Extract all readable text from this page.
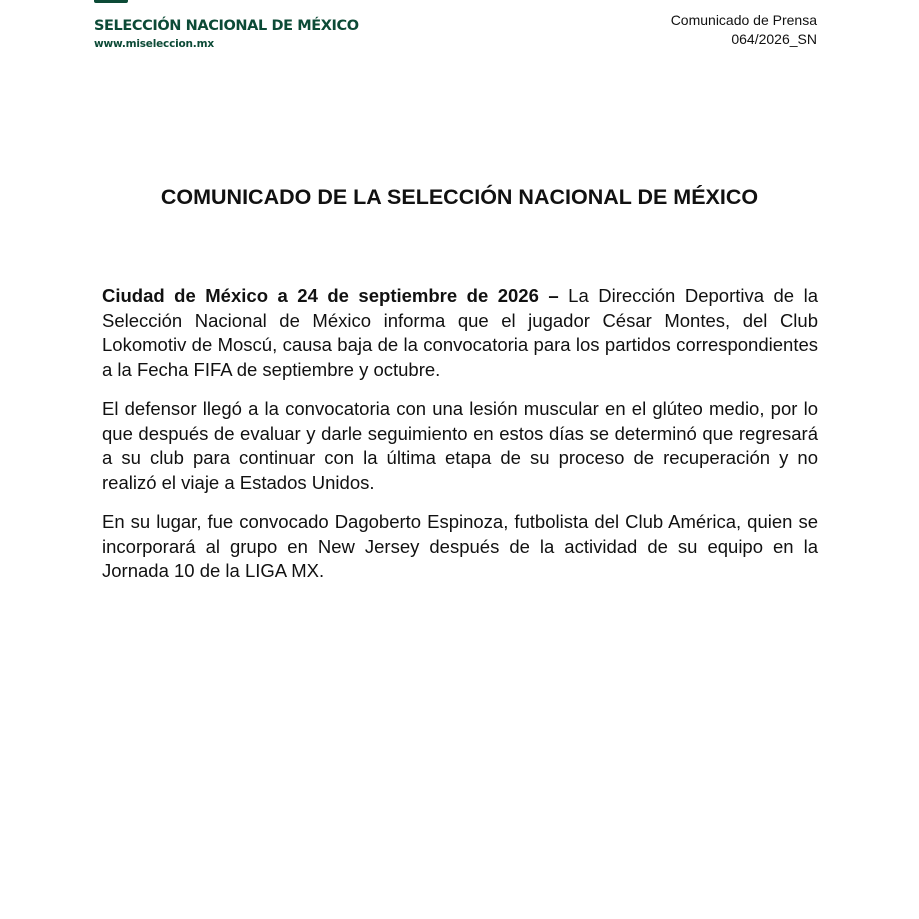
SELECCIÓN NACIONAL DE MÉXICO
www.miseleccion.mx
Comunicado de Prensa
064/2026_SN
COMUNICADO DE LA SELECCIÓN NACIONAL DE MÉXICO

Ciudad de México a 24 de septiembre de 2026 – La Dirección Deportiva de la Selección Nacional de México informa que el jugador César Montes, del Club Lokomotiv de Moscú, causa baja de la convocatoria para los partidos correspondientes a la Fecha FIFA de septiembre y octubre.

El defensor llegó a la convocatoria con una lesión muscular en el glúteo medio, por lo que después de evaluar y darle seguimiento en estos días se determinó que regresará a su club para continuar con la última etapa de su proceso de recuperación y no realizó el viaje a Estados Unidos.

En su lugar, fue convocado Dagoberto Espinoza, futbolista del Club América, quien se incorporará al grupo en New Jersey después de la actividad de su equipo en la Jornada 10 de la LIGA MX.
